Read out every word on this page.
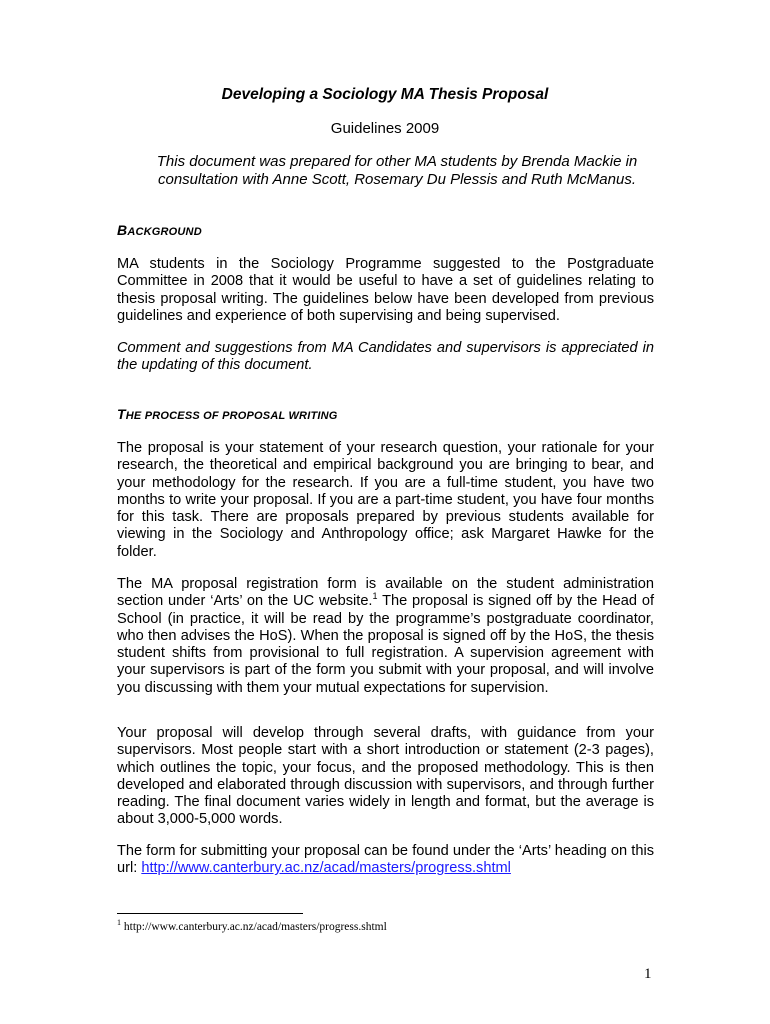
Developing a Sociology MA Thesis Proposal
Guidelines 2009
This document was prepared for other MA students by Brenda Mackie in consultation with Anne Scott, Rosemary Du Plessis and Ruth McManus.
BACKGROUND
MA students in the Sociology Programme suggested to the Postgraduate Committee in 2008 that it would be useful to have a set of guidelines relating to thesis proposal writing. The guidelines below have been developed from previous guidelines and experience of both supervising and being supervised.
Comment and suggestions from MA Candidates and supervisors is appreciated in the updating of this document.
THE PROCESS OF PROPOSAL WRITING
The proposal is your statement of your research question, your rationale for your research, the theoretical and empirical background you are bringing to bear, and your methodology for the research. If you are a full-time student, you have two months to write your proposal. If you are a part-time student, you have four months for this task. There are proposals prepared by previous students available for viewing in the Sociology and Anthropology office; ask Margaret Hawke for the folder.
The MA proposal registration form is available on the student administration section under ‘Arts’ on the UC website.$^1$ The proposal is signed off by the Head of School (in practice, it will be read by the programme’s postgraduate coordinator, who then advises the HoS). When the proposal is signed off by the HoS, the thesis student shifts from provisional to full registration. A supervision agreement with your supervisors is part of the form you submit with your proposal, and will involve you discussing with them your mutual expectations for supervision.
Your proposal will develop through several drafts, with guidance from your supervisors. Most people start with a short introduction or statement (2-3 pages), which outlines the topic, your focus, and the proposed methodology. This is then developed and elaborated through discussion with supervisors, and through further reading. The final document varies widely in length and format, but the average is about 3,000-5,000 words.
The form for submitting your proposal can be found under the ‘Arts’ heading on this url: http://www.canterbury.ac.nz/acad/masters/progress.shtml
$^1$ http://www.canterbury.ac.nz/acad/masters/progress.shtml
1
